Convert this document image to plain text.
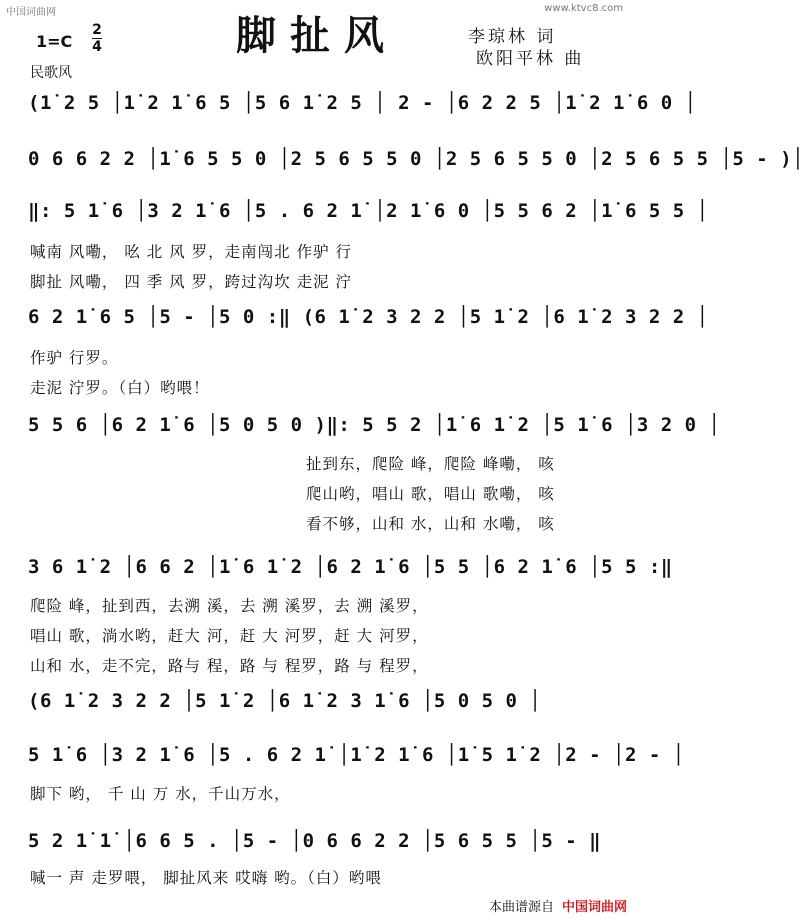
中国词曲网	www.ktvc8.com
脚扯风	李琼林 词
欧阳平林 曲
1=C
2
4
民歌风
(1̇ 2 5 │1̇ 2 1̇ 6 5 │5 6 1̇ 2 5 │ 2 - │6 2 2 5 │1̇ 2 1̇ 6 0 │
0 6 6 2 2 │1̇ 6 5 5 0 │2 5 6 5 5 0 │2 5 6 5 5 0 │2 5 6 5 5 │5 - )│
‖: 5 1̇ 6 │3 2 1̇ 6 │5 . 6 2 1̇ │2 1̇ 6 0 │5 5 6 2 │1̇ 6 5 5 │
喊南 风嘞， 吆 北 风 罗，走南闯北 作驴 行
脚扯 风嘞， 四 季 风 罗，跨过沟坎 走泥 泞
6 2 1̇ 6 5 │5 - │5 0 :‖ (6 1̇ 2 3 2 2 │5 1̇ 2 │6 1̇ 2 3 2 2 │
作驴 行罗。
走泥 泞罗。（白）哟喂！
5 5 6 │6 2 1̇ 6 │5 0 5 0 )‖: 5 5 2 │1̇ 6 1̇ 2 │5 1̇ 6 │3 2 0 │
扯到东，爬险 峰，爬险 峰嘞， 咳
爬山哟，唱山 歌，唱山 歌嘞， 咳
看不够，山和 水，山和 水嘞， 咳
3 6 1̇ 2 │6 6 2 │1̇ 6 1̇ 2 │6 2 1̇ 6 │5 5 │6 2 1̇ 6 │5 5 :‖
爬险 峰，扯到西，去溯 溪，去 溯 溪罗，去 溯 溪罗，
唱山 歌，淌水哟，赶大 河，赶 大 河罗，赶 大 河罗，
山和 水，走不完，路与 程，路 与 程罗，路 与 程罗，
(6 1̇ 2 3 2 2 │5 1̇ 2 │6 1̇ 2 3 1̇ 6 │5 0 5 0 │
5 1̇ 6 │3 2 1̇ 6 │5 . 6 2 1̇ │1̇ 2 1̇ 6 │1̇ 5 1̇ 2 │2 - │2 - │
脚下 哟， 千 山 万 水，千山万水，
5 2 1̇ 1̇ │6 6 5 . │5 - │0 6 6 2 2 │5 6 5 5 │5 - ‖
喊一 声 走罗喂， 脚扯风来 哎嗨 哟。（白）哟喂
本曲谱源自 中国词曲网
